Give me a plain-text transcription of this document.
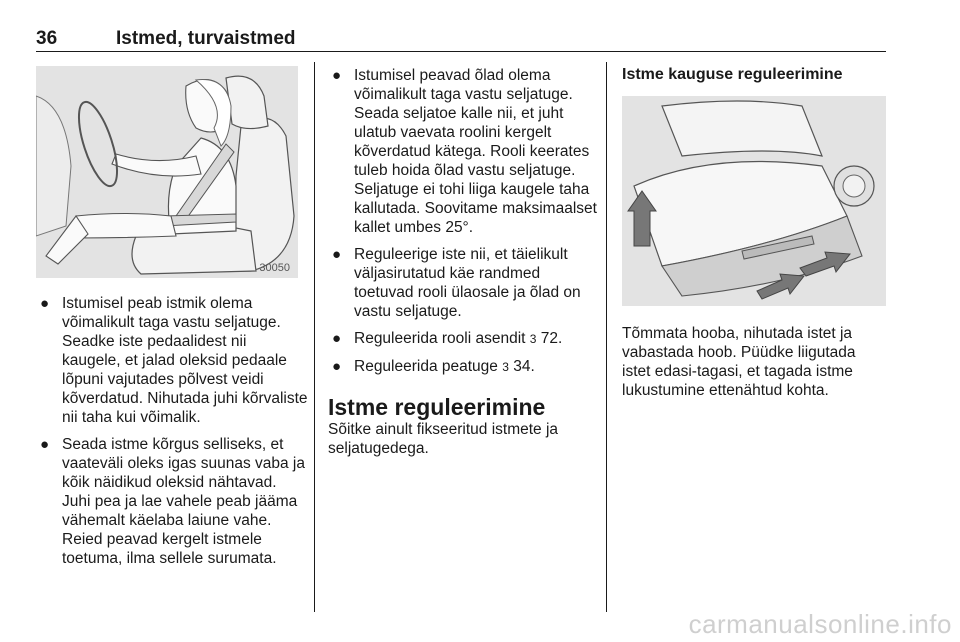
36	Istmed, turvaistmed
30050
● Istumisel peab istmik olema võimalikult taga vastu seljatuge. Seadke iste pedaalidest nii kaugele, et jalad oleksid pedaale lõpuni vajutades põlvest veidi kõverdatud. Nihutada juhi kõrvaliste nii taha kui võimalik.
● Seada istme kõrgus selliseks, et vaateväli oleks igas suunas vaba ja kõik näidikud oleksid nähtavad. Juhi pea ja lae vahele peab jääma vähemalt käelaba laiune vahe. Reied peavad kergelt istmele toetuma, ilma sellele surumata.
● Istumisel peavad õlad olema võimalikult taga vastu seljatuge. Seada seljatoe kalle nii, et juht ulatub vaevata roolini kergelt kõverdatud kätega. Rooli keerates tuleb hoida õlad vastu seljatuge. Seljatuge ei tohi liiga kaugele taha kallutada. Soovitame maksimaalset kallet umbes 25°.
● Reguleerige iste nii, et täielikult väljasirutatud käe randmed toetuvad rooli ülaosale ja õlad on vastu seljatuge.
● Reguleerida rooli asendit 3 72.
● Reguleerida peatuge 3 34.
Istme reguleerimine
Sõitke ainult fikseeritud istmete ja seljatugedega.
Istme kauguse reguleerimine
Tõmmata hooba, nihutada istet ja vabastada hoob. Püüdke liigutada istet edasi-tagasi, et tagada istme lukustumine ettenähtud kohta.
carmanualsonline.info
